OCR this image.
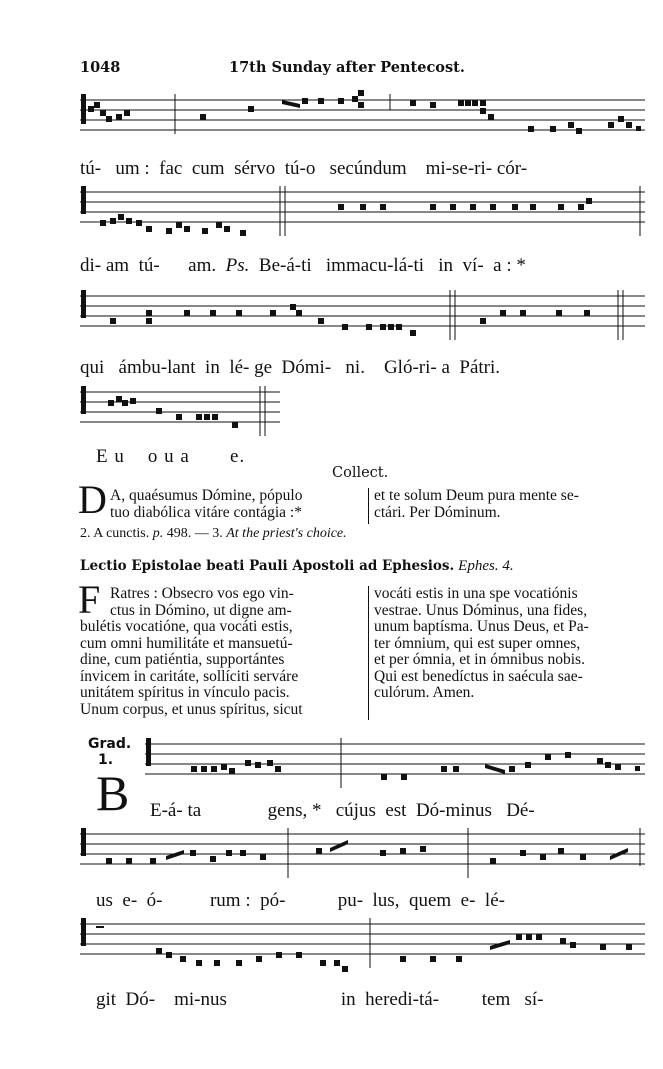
1048	17th Sunday after Pentecost.
tú-   um :  fac  cum  sérvo  tú-o   secúndum    mi-se-ri- cór-
di- am  tú-      am.  Ps.  Be-á-ti   immacu-lá-ti   in  ví-  a : *
qui   ámbu-lant  in  lé- ge  Dómi-   ni.    Gló-ri- a  Pátri.
E u    o u a       e.
Collect.
D A, quaésumus Dómine, pópulo
tuo diabólica vitáre contágia :*
et te solum Deum pura mente se-
ctári. Per Dóminum.
2. A cunctis. p. 498. — 3. At the priest's choice.
Lectio Epistolae beati Pauli Apostoli ad Ephesios. Ephes. 4.
F Ratres : Obsecro vos ego vin-
ctus in Dómino, ut digne am-
bulétis vocatióne, qua vocáti estis,
cum omni humilitáte et mansuetú-
dine, cum patiéntia, supportántes
ínvicem in caritáte, sollíciti serváre
unitátem spíritus in vínculo pacis.
Unum corpus, et unus spíritus, sicut
vocáti estis in una spe vocatiónis
vestrae. Unus Dóminus, una fides,
unum baptísma. Unus Deus, et Pa-
ter ómnium, qui est super omnes,
et per ómnia, et in ómnibus nobis.
Qui est benedíctus in saécula sae-
culórum. Amen.
Grad.
1.
B E-á- ta              gens, *   cújus  est  Dó-minus   Dé-
us  e-  ó-          rum :  pó-           pu-  lus,  quem  e-  lé-
git  Dó-    mi-nus                        in  heredi-tá-         tem   sí-
